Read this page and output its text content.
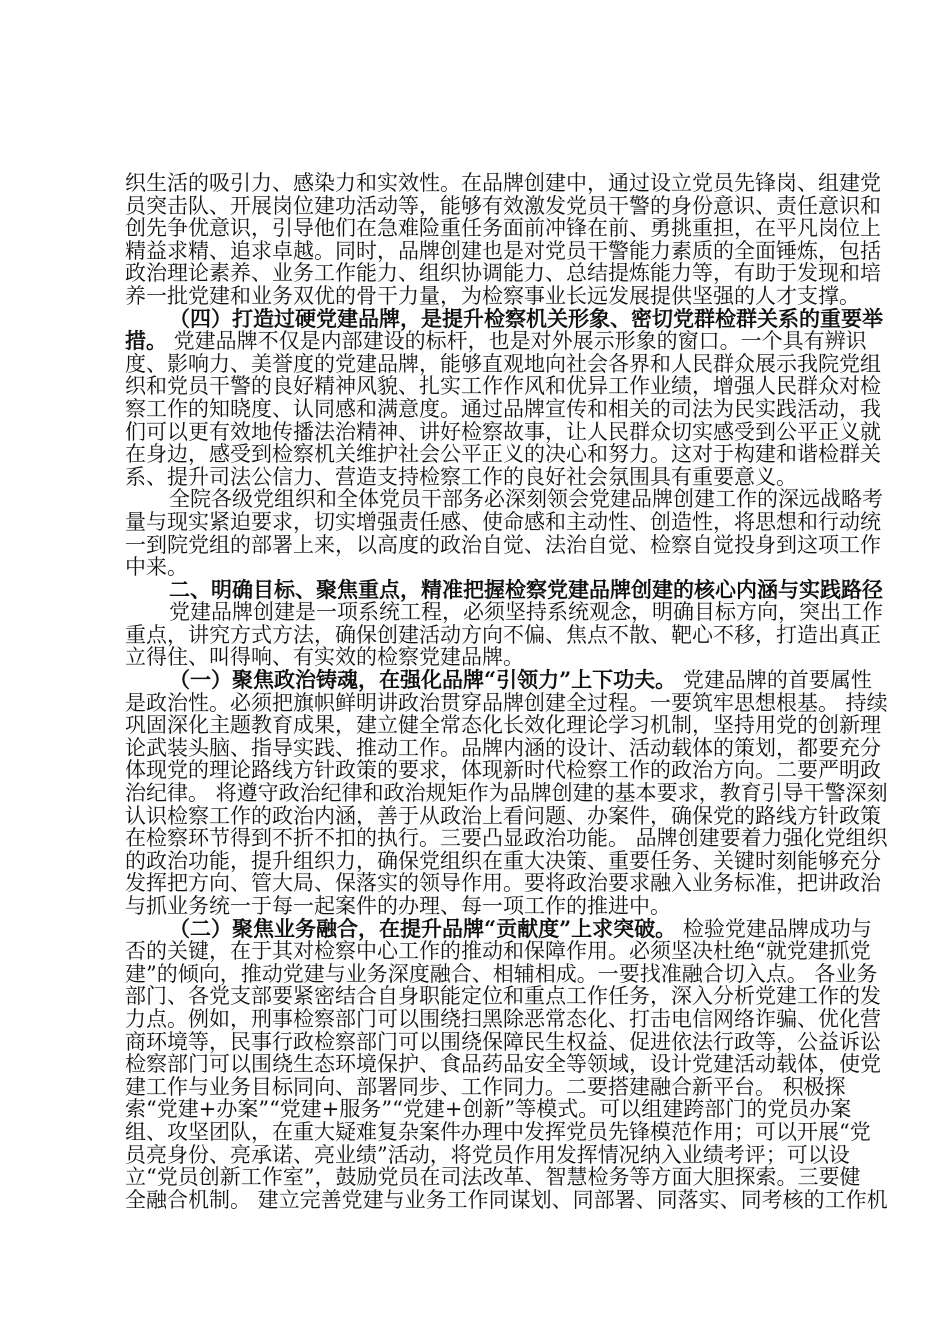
织生活的吸引力、感染力和实效性。在品牌创建中，通过设立党员先锋岗、组建党
员突击队、开展岗位建功活动等，能够有效激发党员干警的身份意识、责任意识和
创先争优意识，引导他们在急难险重任务面前冲锋在前、勇挑重担，在平凡岗位上
精益求精、追求卓越。同时，品牌创建也是对党员干警能力素质的全面锤炼，包括
政治理论素养、业务工作能力、组织协调能力、总结提炼能力等，有助于发现和培
养一批党建和业务双优的骨干力量，为检察事业长远发展提供坚强的人才支撑。
（四）打造过硬党建品牌，是提升检察机关形象、密切党群检群关系的重要举
措。 党建品牌不仅是内部建设的标杆，也是对外展示形象的窗口。一个具有辨识
度、影响力、美誉度的党建品牌，能够直观地向社会各界和人民群众展示我院党组
织和党员干警的良好精神风貌、扎实工作作风和优异工作业绩，增强人民群众对检
察工作的知晓度、认同感和满意度。通过品牌宣传和相关的司法为民实践活动，我
们可以更有效地传播法治精神、讲好检察故事，让人民群众切实感受到公平正义就
在身边，感受到检察机关维护社会公平正义的决心和努力。这对于构建和谐检群关
系、提升司法公信力、营造支持检察工作的良好社会氛围具有重要意义。
全院各级党组织和全体党员干部务必深刻领会党建品牌创建工作的深远战略考
量与现实紧迫要求，切实增强责任感、使命感和主动性、创造性，将思想和行动统
一到院党组的部署上来，以高度的政治自觉、法治自觉、检察自觉投身到这项工作
中来。
二、明确目标、聚焦重点，精准把握检察党建品牌创建的核心内涵与实践路径
党建品牌创建是一项系统工程，必须坚持系统观念，明确目标方向，突出工作
重点，讲究方式方法，确保创建活动方向不偏、焦点不散、靶心不移，打造出真正
立得住、叫得响、有实效的检察党建品牌。
（一）聚焦政治铸魂，在强化品牌“引领力”上下功夫。 党建品牌的首要属性
是政治性。必须把旗帜鲜明讲政治贯穿品牌创建全过程。一要筑牢思想根基。 持续
巩固深化主题教育成果，建立健全常态化长效化理论学习机制，坚持用党的创新理
论武装头脑、指导实践、推动工作。品牌内涵的设计、活动载体的策划，都要充分
体现党的理论路线方针政策的要求，体现新时代检察工作的政治方向。二要严明政
治纪律。 将遵守政治纪律和政治规矩作为品牌创建的基本要求，教育引导干警深刻
认识检察工作的政治内涵，善于从政治上看问题、办案件，确保党的路线方针政策
在检察环节得到不折不扣的执行。三要凸显政治功能。 品牌创建要着力强化党组织
的政治功能，提升组织力，确保党组织在重大决策、重要任务、关键时刻能够充分
发挥把方向、管大局、保落实的领导作用。要将政治要求融入业务标准，把讲政治
与抓业务统一于每一起案件的办理、每一项工作的推进中。
（二）聚焦业务融合，在提升品牌“贡献度”上求突破。 检验党建品牌成功与
否的关键，在于其对检察中心工作的推动和保障作用。必须坚决杜绝“就党建抓党
建”的倾向，推动党建与业务深度融合、相辅相成。一要找准融合切入点。 各业务
部门、各党支部要紧密结合自身职能定位和重点工作任务，深入分析党建工作的发
力点。例如，刑事检察部门可以围绕扫黑除恶常态化、打击电信网络诈骗、优化营
商环境等，民事行政检察部门可以围绕保障民生权益、促进依法行政等，公益诉讼
检察部门可以围绕生态环境保护、食品药品安全等领域，设计党建活动载体，使党
建工作与业务目标同向、部署同步、工作同力。二要搭建融合新平台。 积极探
索“党建+办案”“党建+服务”“党建+创新”等模式。可以组建跨部门的党员办案
组、攻坚团队，在重大疑难复杂案件办理中发挥党员先锋模范作用；可以开展“党
员亮身份、亮承诺、亮业绩”活动，将党员作用发挥情况纳入业绩考评；可以设
立“党员创新工作室”，鼓励党员在司法改革、智慧检务等方面大胆探索。三要健
全融合机制。 建立完善党建与业务工作同谋划、同部署、同落实、同考核的工作机
